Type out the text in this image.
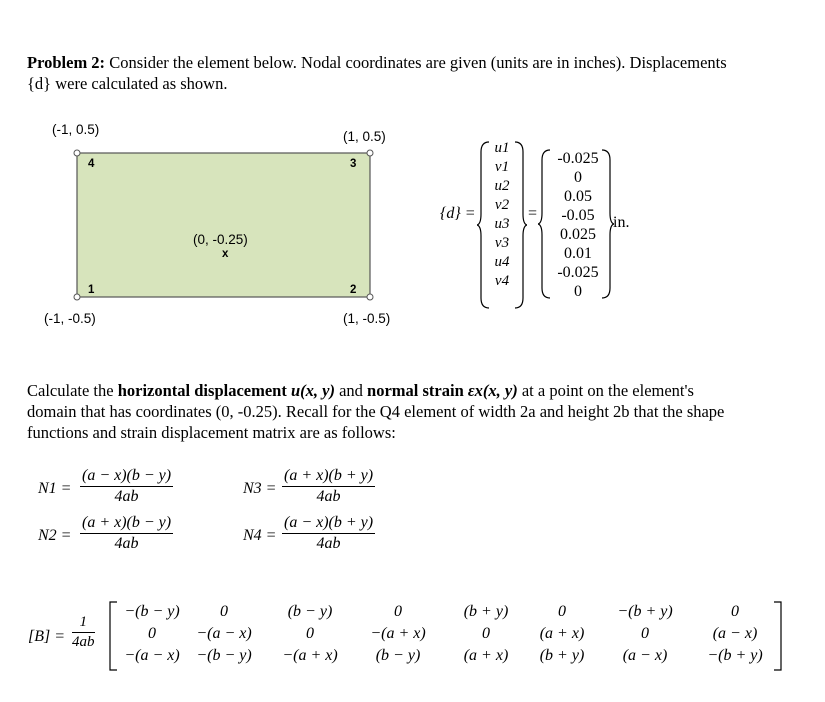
Problem 2: Consider the element below. Nodal coordinates are given (units are in inches). Displacements
{d} were calculated as shown.
(-1, 0.5)	(1, 0.5)
(0, -0.25)
x
(-1, -0.5)	(1, -0.5)
4	3
1	2
{d} =
u1
v1
u2
v2
u3
v3
u4
v4
=
-0.025
0
0.05
-0.05
0.025
0.01
-0.025
0
in.
Calculate the horizontal displacement u(x, y) and normal strain εx(x, y) at a point on the element's
domain that has coordinates (0, -0.25). Recall for the Q4 element of width 2a and height 2b that the shape
functions and strain displacement matrix are as follows:
$N1 = \frac{(a - x)(b - y)}{4ab}$
$N2 = \frac{(a + x)(b - y)}{4ab}$
$N3 = \frac{(a + x)(b + y)}{4ab}$
$N4 = \frac{(a - x)(b + y)}{4ab}$
$[B] = \frac{1}{4ab}$
−(b − y)	0	(b − y)	0	(b + y)	0	−(b + y)	0
0	−(a − x)	0	−(a + x)	0	(a + x)	0	(a − x)
−(a − x)	−(b − y)	−(a + x)	(b − y)	(a + x)	(b + y)	(a − x)	−(b + y)
